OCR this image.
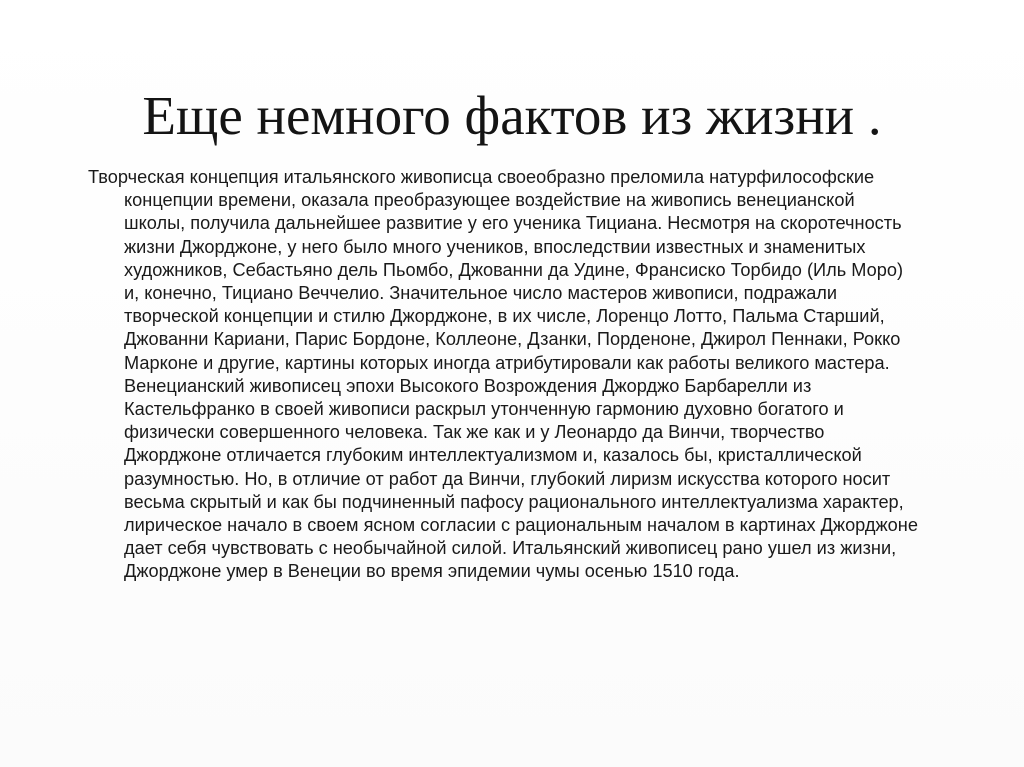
Еще немного фактов из жизни .

Творческая концепция итальянского живописца своеобразно преломила натурфилософские концепции времени, оказала преобразующее воздействие на живопись венецианской школы, получила дальнейшее развитие у его ученика Тициана. Несмотря на скоротечность жизни Джорджоне, у него было много учеников, впоследствии известных и знаменитых художников, Себастьяно дель Пьомбо, Джованни да Удине, Франсиско Торбидо (Иль Моро) и, конечно, Тициано Веччелио. Значительное число мастеров живописи, подражали творческой концепции и стилю Джорджоне, в их числе, Лоренцо Лотто, Пальма Старший, Джованни Кариани, Парис Бордоне, Коллеоне, Дзанки, Порденоне, Джирол Пеннаки, Рокко Марконе и другие, картины которых иногда атрибутировали как работы великого мастера. Венецианский живописец эпохи Высокого Возрождения Джорджо Барбарелли из Кастельфранко в своей живописи раскрыл утонченную гармонию духовно богатого и физически совершенного человека. Так же как и у Леонардо да Винчи, творчество Джорджоне отличается глубоким интеллектуализмом и, казалось бы, кристаллической разумностью. Но, в отличие от работ да Винчи, глубокий лиризм искусства которого носит весьма скрытый и как бы подчиненный пафосу рационального интеллектуализма характер, лирическое начало в своем ясном согласии с рациональным началом в картинах Джорджоне дает себя чувствовать с необычайной силой. Итальянский живописец рано ушел из жизни, Джорджоне умер в Венеции во время эпидемии чумы осенью 1510 года.
